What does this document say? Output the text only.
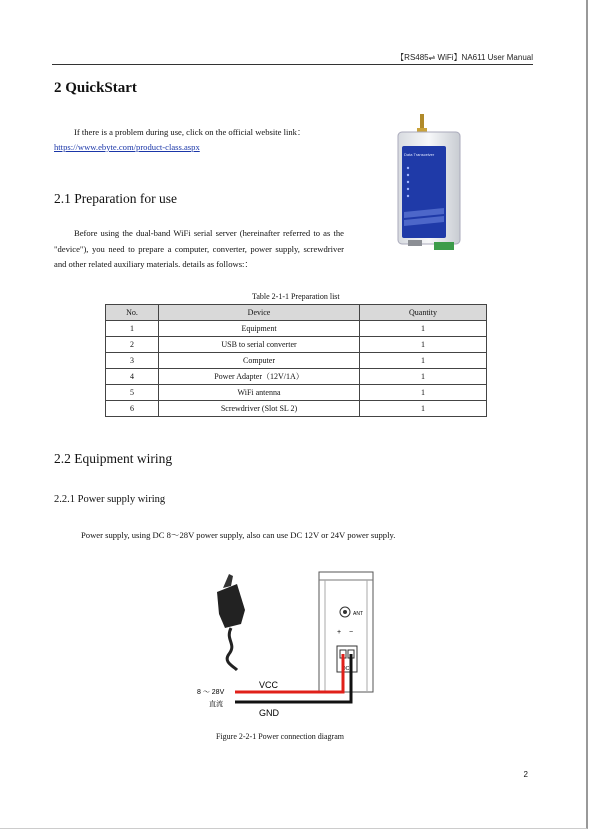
【RS485⇌ WiFi】NA611 User Manual
2 QuickStart
If there is a problem during use, click on the official website link：
https://www.ebyte.com/product-class.aspx
Data Transceiver
2.1 Preparation for use
Before using the dual-band WiFi serial server (hereinafter referred to as the "device"), you need to prepare a computer, converter, power supply, screwdriver and other related auxiliary materials. details as follows:：
Table 2-1-1 Preparation list
No.	Device	Quantity
1	Equipment	1
2	USB to serial converter	1
3	Computer	1
4	Power Adapter（12V/1A）	1
5	WiFi antenna	1
6	Screwdriver (Slot SL 2)	1
2.2 Equipment wiring
2.2.1 Power supply wiring
Power supply, using DC 8～28V power supply, also can use DC 12V or 24V power supply.
ANT
+ −
DC
VCC
GND
8 ～ 28V
直流
Figure 2-2-1 Power connection diagram
2
